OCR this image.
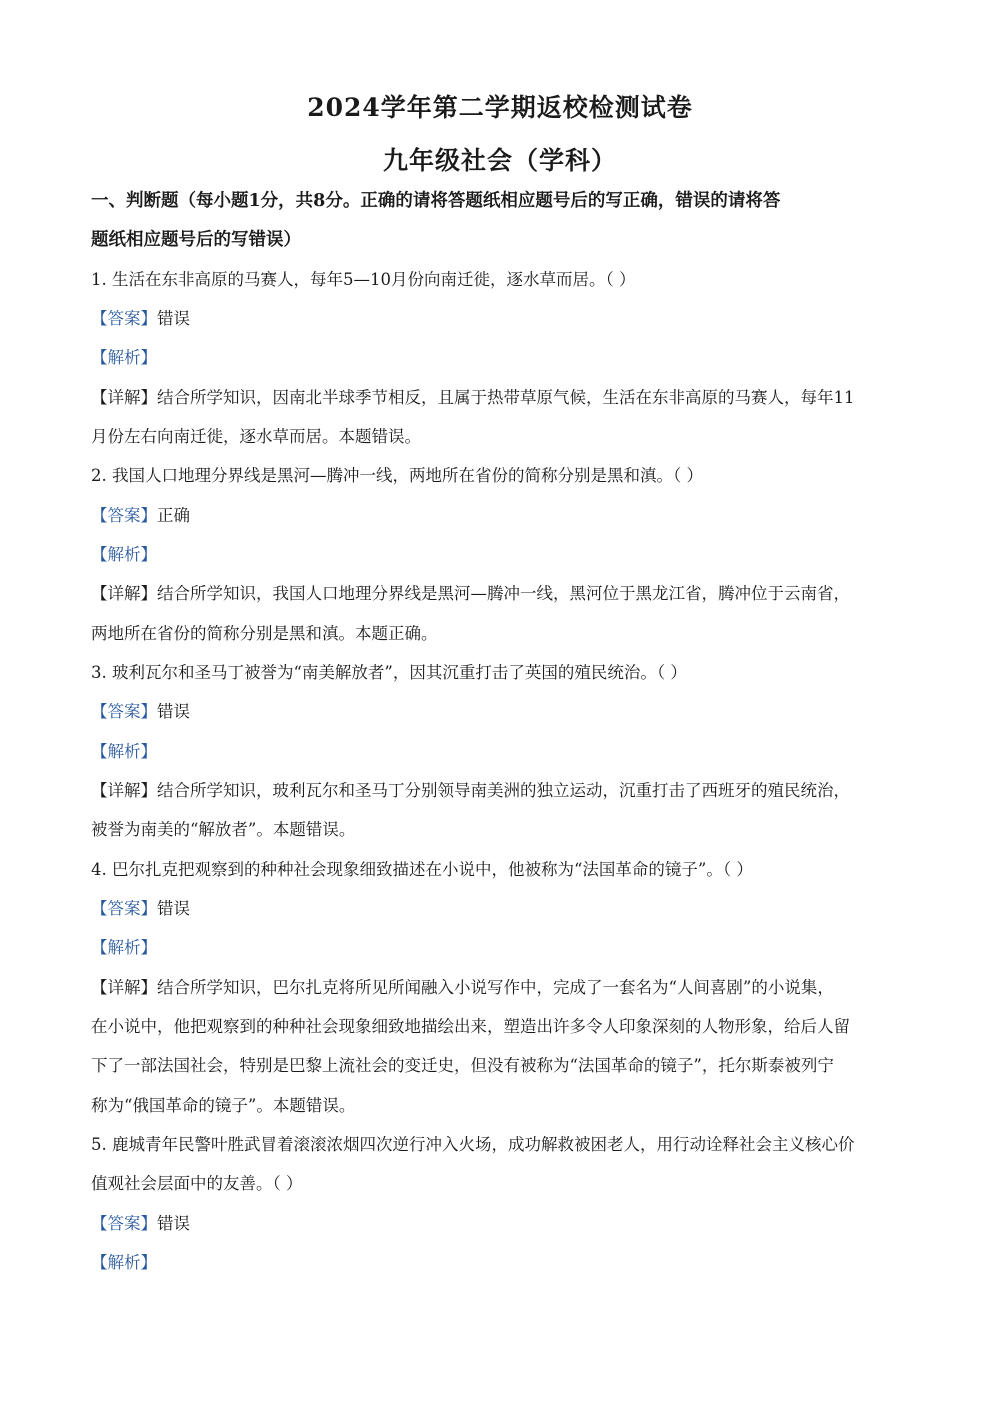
2024学年第二学期返校检测试卷
九年级社会（学科）
一、判断题（每小题1分，共8分。正确的请将答题纸相应题号后的写正确，错误的请将答
题纸相应题号后的写错误）
1. 生活在东非高原的马赛人，每年5—10月份向南迁徙，逐水草而居。（ ）
【答案】错误
【解析】
【详解】结合所学知识，因南北半球季节相反，且属于热带草原气候，生活在东非高原的马赛人，每年11
月份左右向南迁徙，逐水草而居。本题错误。
2. 我国人口地理分界线是黑河—腾冲一线，两地所在省份的简称分别是黑和滇。（ ）
【答案】正确
【解析】
【详解】结合所学知识，我国人口地理分界线是黑河—腾冲一线，黑河位于黑龙江省，腾冲位于云南省，
两地所在省份的简称分别是黑和滇。本题正确。
3. 玻利瓦尔和圣马丁被誉为“南美解放者”，因其沉重打击了英国的殖民统治。（ ）
【答案】错误
【解析】
【详解】结合所学知识，玻利瓦尔和圣马丁分别领导南美洲的独立运动，沉重打击了西班牙的殖民统治，
被誉为南美的“解放者”。本题错误。
4. 巴尔扎克把观察到的种种社会现象细致描述在小说中，他被称为“法国革命的镜子”。（ ）
【答案】错误
【解析】
【详解】结合所学知识，巴尔扎克将所见所闻融入小说写作中，完成了一套名为“人间喜剧”的小说集，
在小说中，他把观察到的种种社会现象细致地描绘出来，塑造出许多令人印象深刻的人物形象，给后人留
下了一部法国社会，特别是巴黎上流社会的变迁史，但没有被称为“法国革命的镜子”，托尔斯泰被列宁
称为“俄国革命的镜子”。本题错误。
5. 鹿城青年民警叶胜武冒着滚滚浓烟四次逆行冲入火场，成功解救被困老人，用行动诠释社会主义核心价
值观社会层面中的友善。（ ）
【答案】错误
【解析】
